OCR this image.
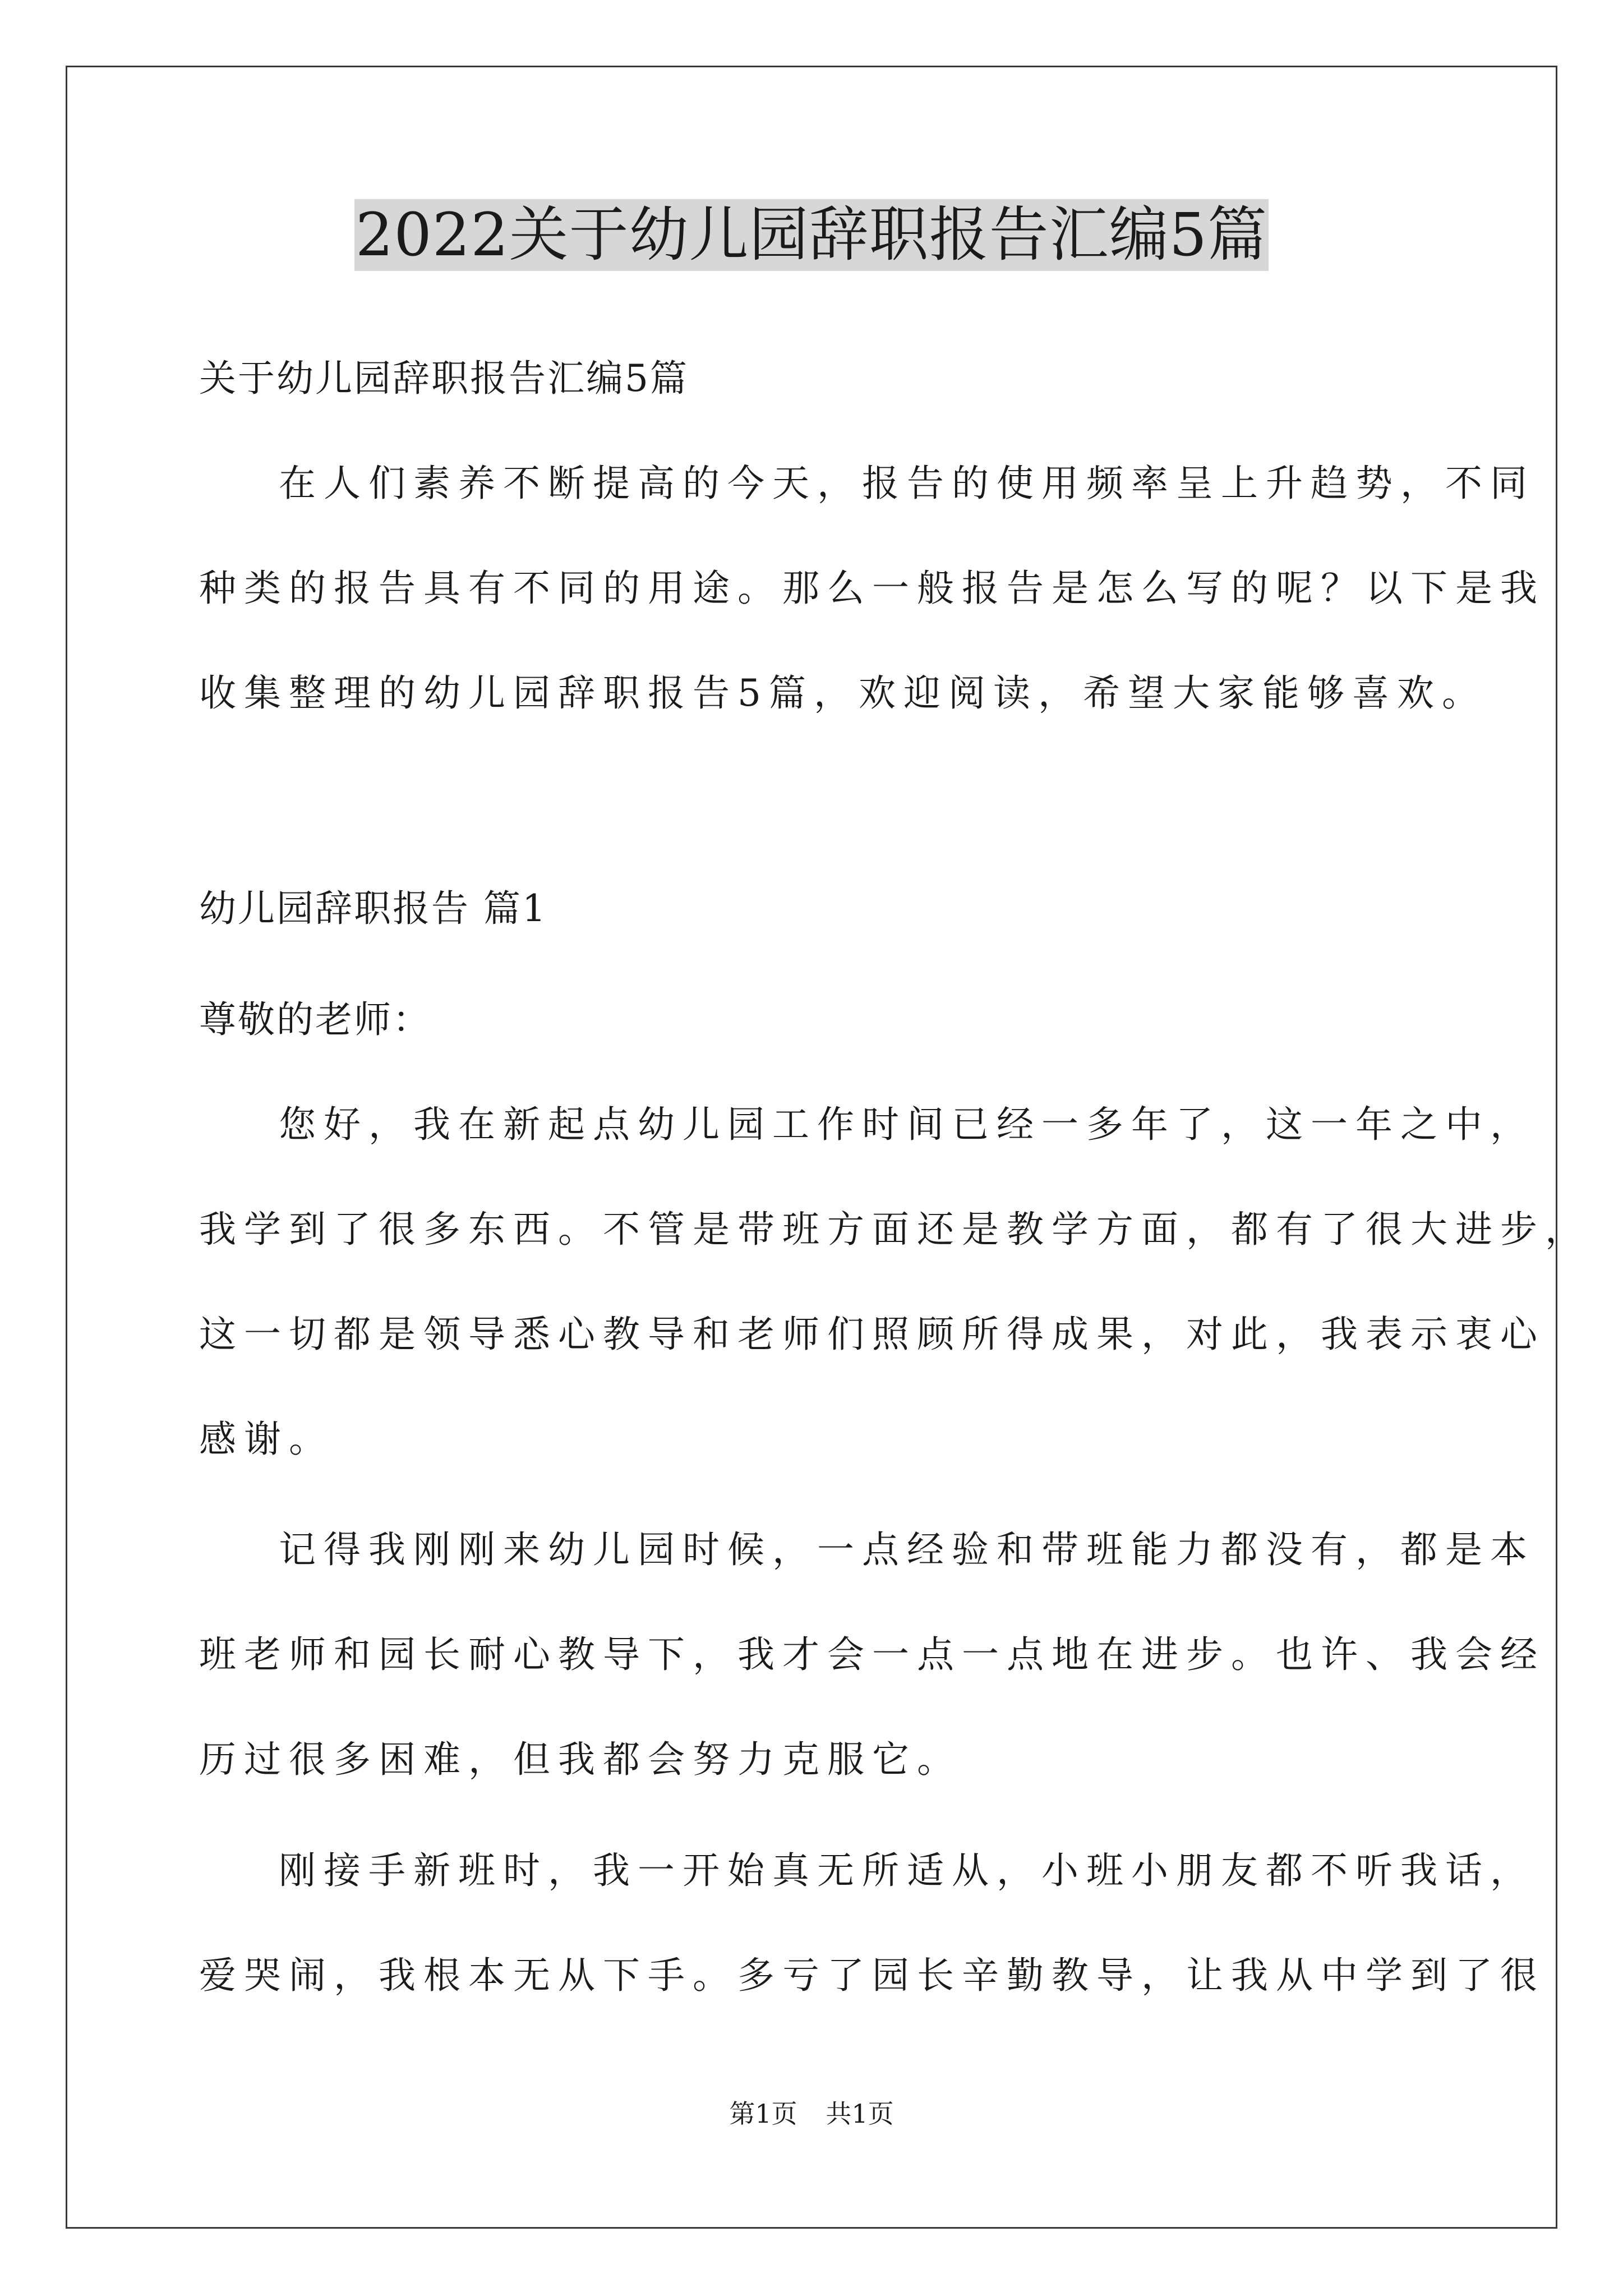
2022关于幼儿园辞职报告汇编5篇
关于幼儿园辞职报告汇编5篇
在人们素养不断提高的今天，报告的使用频率呈上升趋势，不同
种类的报告具有不同的用途。那么一般报告是怎么写的呢？以下是我
收集整理的幼儿园辞职报告5篇，欢迎阅读，希望大家能够喜欢。
幼儿园辞职报告 篇1
尊敬的老师：
您好，我在新起点幼儿园工作时间已经一多年了，这一年之中，
我学到了很多东西。不管是带班方面还是教学方面，都有了很大进步，
这一切都是领导悉心教导和老师们照顾所得成果，对此，我表示衷心
感谢。
记得我刚刚来幼儿园时候，一点经验和带班能力都没有，都是本
班老师和园长耐心教导下，我才会一点一点地在进步。也许、我会经
历过很多困难，但我都会努力克服它。
刚接手新班时，我一开始真无所适从，小班小朋友都不听我话，
爱哭闹，我根本无从下手。多亏了园长辛勤教导，让我从中学到了很
第1页 共1页
